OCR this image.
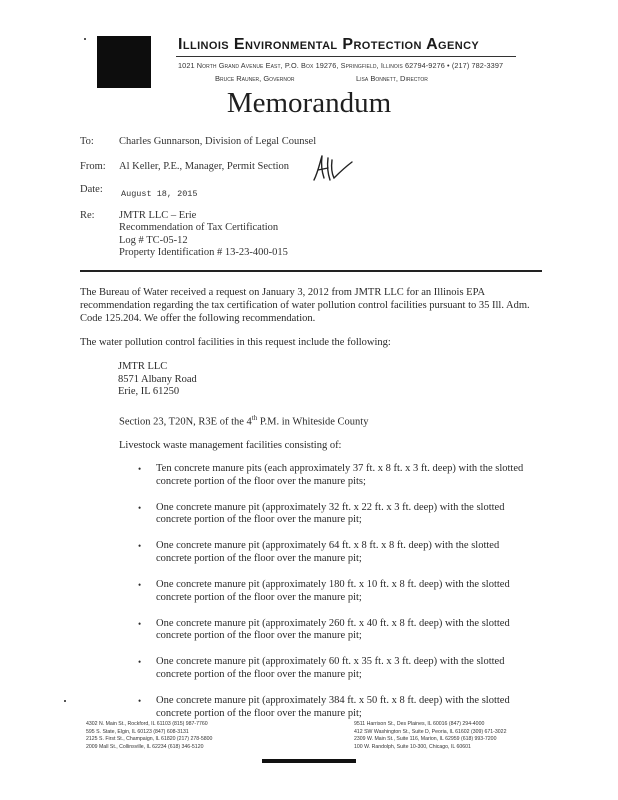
Illinois Environmental Protection Agency
1021 North Grand Avenue East, P.O. Box 19276, Springfield, Illinois 62794-9276 • (217) 782-3397
Bruce Rauner, Governor	Lisa Bonnett, Director
Memorandum
To: Charles Gunnarson, Division of Legal Counsel
From: Al Keller, P.E., Manager, Permit Section
Date: August 18, 2015
Re: JMTR LLC – Erie
Recommendation of Tax Certification
Log # TC-05-12
Property Identification # 13-23-400-015
The Bureau of Water received a request on January 3, 2012 from JMTR LLC for an Illinois EPA recommendation regarding the tax certification of water pollution control facilities pursuant to 35 Ill. Adm. Code 125.204. We offer the following recommendation.
The water pollution control facilities in this request include the following:
JMTR LLC
8571 Albany Road
Erie, IL 61250
Section 23, T20N, R3E of the 4th P.M. in Whiteside County
Livestock waste management facilities consisting of:
• Ten concrete manure pits (each approximately 37 ft. x 8 ft. x 3 ft. deep) with the slotted concrete portion of the floor over the manure pits;
• One concrete manure pit (approximately 32 ft. x 22 ft. x 3 ft. deep) with the slotted concrete portion of the floor over the manure pit;
• One concrete manure pit (approximately 64 ft. x 8 ft. x 8 ft. deep) with the slotted concrete portion of the floor over the manure pit;
• One concrete manure pit (approximately 180 ft. x 10 ft. x 8 ft. deep) with the slotted concrete portion of the floor over the manure pit;
• One concrete manure pit (approximately 260 ft. x 40 ft. x 8 ft. deep) with the slotted concrete portion of the floor over the manure pit;
• One concrete manure pit (approximately 60 ft. x 35 ft. x 3 ft. deep) with the slotted concrete portion of the floor over the manure pit;
• One concrete manure pit (approximately 384 ft. x 50 ft. x 8 ft. deep) with the slotted concrete portion of the floor over the manure pit;
4302 N. Main St., Rockford, IL 61103 (815) 987-7760
595 S. State, Elgin, IL 60123 (847) 608-3131
2125 S. First St., Champaign, IL 61820 (217) 278-5800
2009 Mall St., Collinsville, IL 62234 (618) 346-5120
9511 Harrison St., Des Plaines, IL 60016 (847) 294-4000
412 SW Washington St., Suite D, Peoria, IL 61602 (309) 671-3022
2309 W. Main St., Suite 116, Marion, IL 62959 (618) 993-7200
100 W. Randolph, Suite 10-300, Chicago, IL 60601
